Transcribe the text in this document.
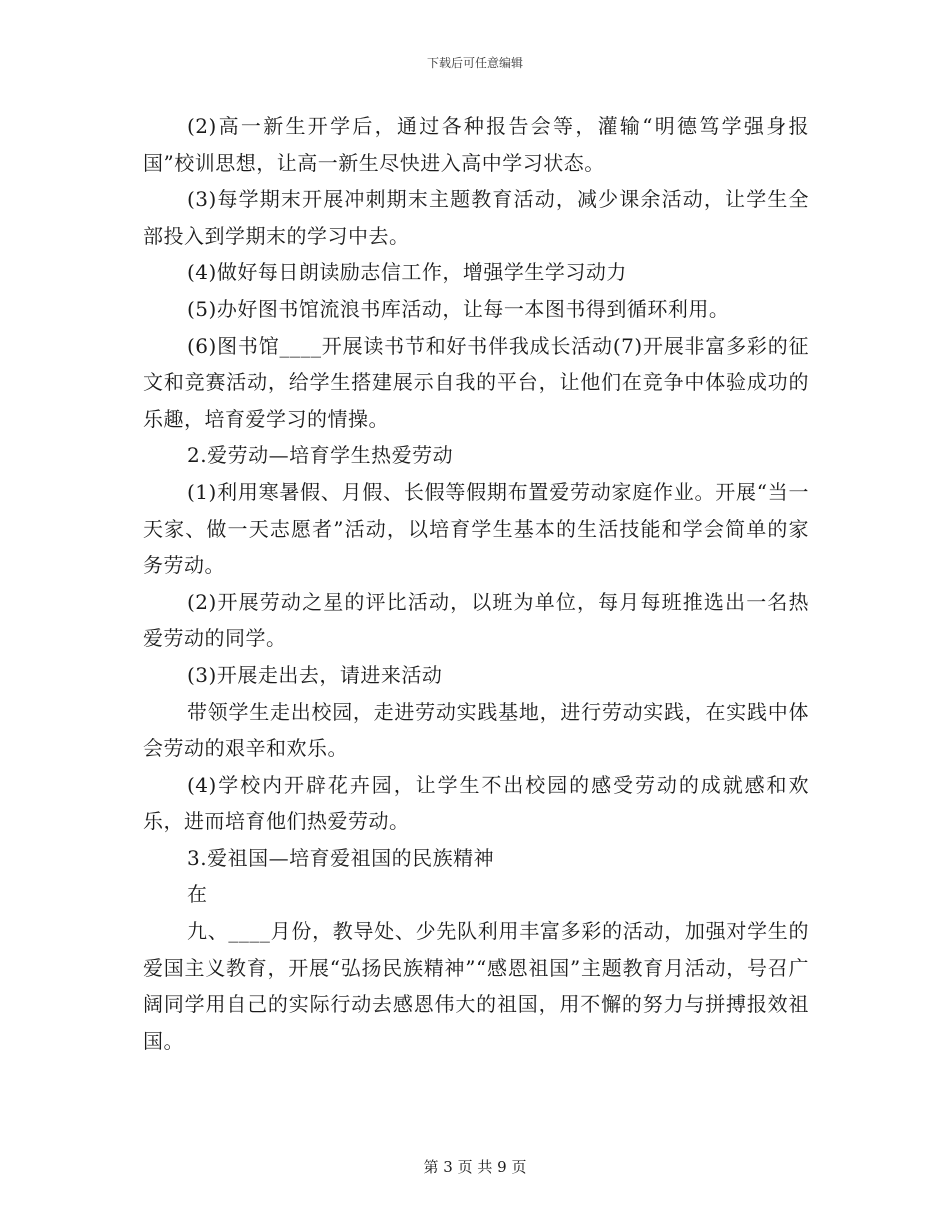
下载后可任意编辑

(2)高一新生开学后，通过各种报告会等，灌输“明德笃学强身报国”校训思想，让高一新生尽快进入高中学习状态。

(3)每学期末开展冲刺期末主题教育活动，减少课余活动，让学生全部投入到学期末的学习中去。

(4)做好每日朗读励志信工作，增强学生学习动力

(5)办好图书馆流浪书库活动，让每一本图书得到循环利用。

(6)图书馆____开展读书节和好书伴我成长活动(7)开展非富多彩的征文和竞赛活动，给学生搭建展示自我的平台，让他们在竞争中体验成功的乐趣，培育爱学习的情操。

2.爱劳动—培育学生热爱劳动

(1)利用寒暑假、月假、长假等假期布置爱劳动家庭作业。开展“当一天家、做一天志愿者”活动，以培育学生基本的生活技能和学会简单的家务劳动。

(2)开展劳动之星的评比活动，以班为单位，每月每班推选出一名热爱劳动的同学。

(3)开展走出去，请进来活动

带领学生走出校园，走进劳动实践基地，进行劳动实践，在实践中体会劳动的艰辛和欢乐。

(4)学校内开辟花卉园，让学生不出校园的感受劳动的成就感和欢乐，进而培育他们热爱劳动。

3.爱祖国—培育爱祖国的民族精神

在

九、____月份，教导处、少先队利用丰富多彩的活动，加强对学生的爱国主义教育，开展“弘扬民族精神”“感恩祖国”主题教育月活动，号召广阔同学用自己的实际行动去感恩伟大的祖国，用不懈的努力与拼搏报效祖国。

第 3 页 共 9 页
